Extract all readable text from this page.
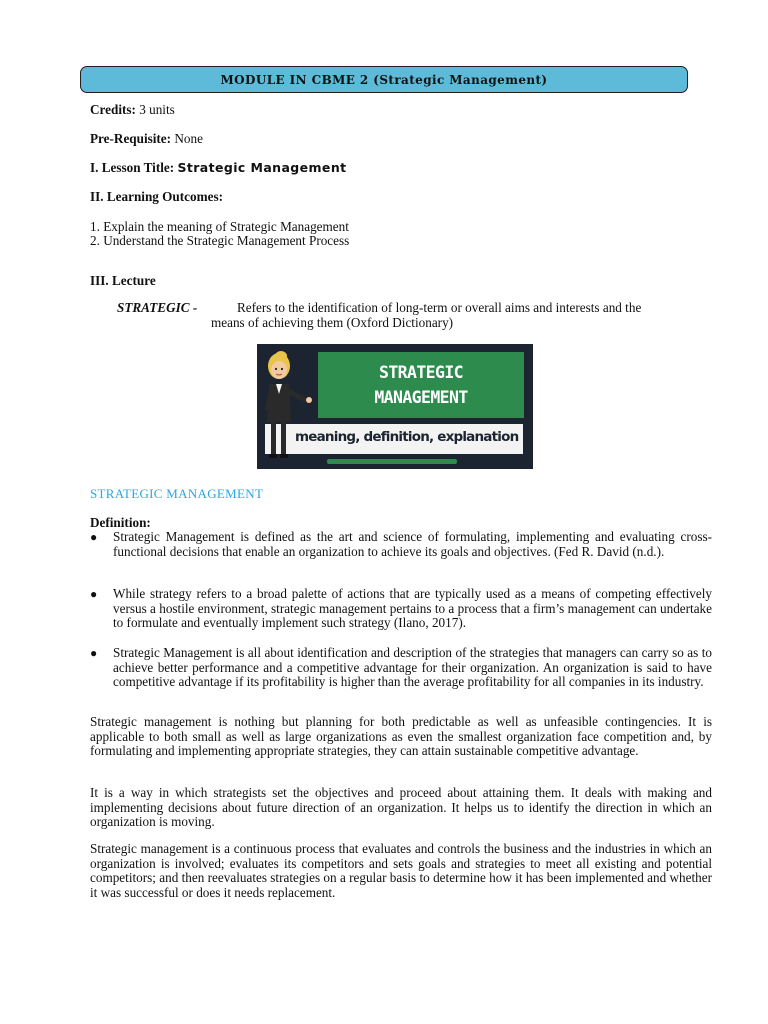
MODULE IN CBME 2 (Strategic Management)
Credits: 3 units
Pre-Requisite: None
I. Lesson Title: Strategic Management
II. Learning Outcomes:
1. Explain the meaning of Strategic Management
2. Understand the Strategic Management Process
III. Lecture
STRATEGIC -	Refers to the identification of long-term or overall aims and interests and the
means of achieving them (Oxford Dictionary)
STRATEGIC
MANAGEMENT
meaning, definition, explanation
STRATEGIC MANAGEMENT
Definition:
● Strategic Management is defined as the art and science of formulating, implementing and evaluating cross-functional decisions that enable an organization to achieve its goals and objectives. (Fed R. David (n.d.).
● While strategy refers to a broad palette of actions that are typically used as a means of competing effectively versus a hostile environment, strategic management pertains to a process that a firm’s management can undertake to formulate and eventually implement such strategy (Ilano, 2017).
● Strategic Management is all about identification and description of the strategies that managers can carry so as to achieve better performance and a competitive advantage for their organization. An organization is said to have competitive advantage if its profitability is higher than the average profitability for all companies in its industry.
Strategic management is nothing but planning for both predictable as well as unfeasible contingencies. It is applicable to both small as well as large organizations as even the smallest organization face competition and, by formulating and implementing appropriate strategies, they can attain sustainable competitive advantage.
It is a way in which strategists set the objectives and proceed about attaining them. It deals with making and implementing decisions about future direction of an organization. It helps us to identify the direction in which an organization is moving.
Strategic management is a continuous process that evaluates and controls the business and the industries in which an organization is involved; evaluates its competitors and sets goals and strategies to meet all existing and potential competitors; and then reevaluates strategies on a regular basis to determine how it has been implemented and whether it was successful or does it needs replacement.
